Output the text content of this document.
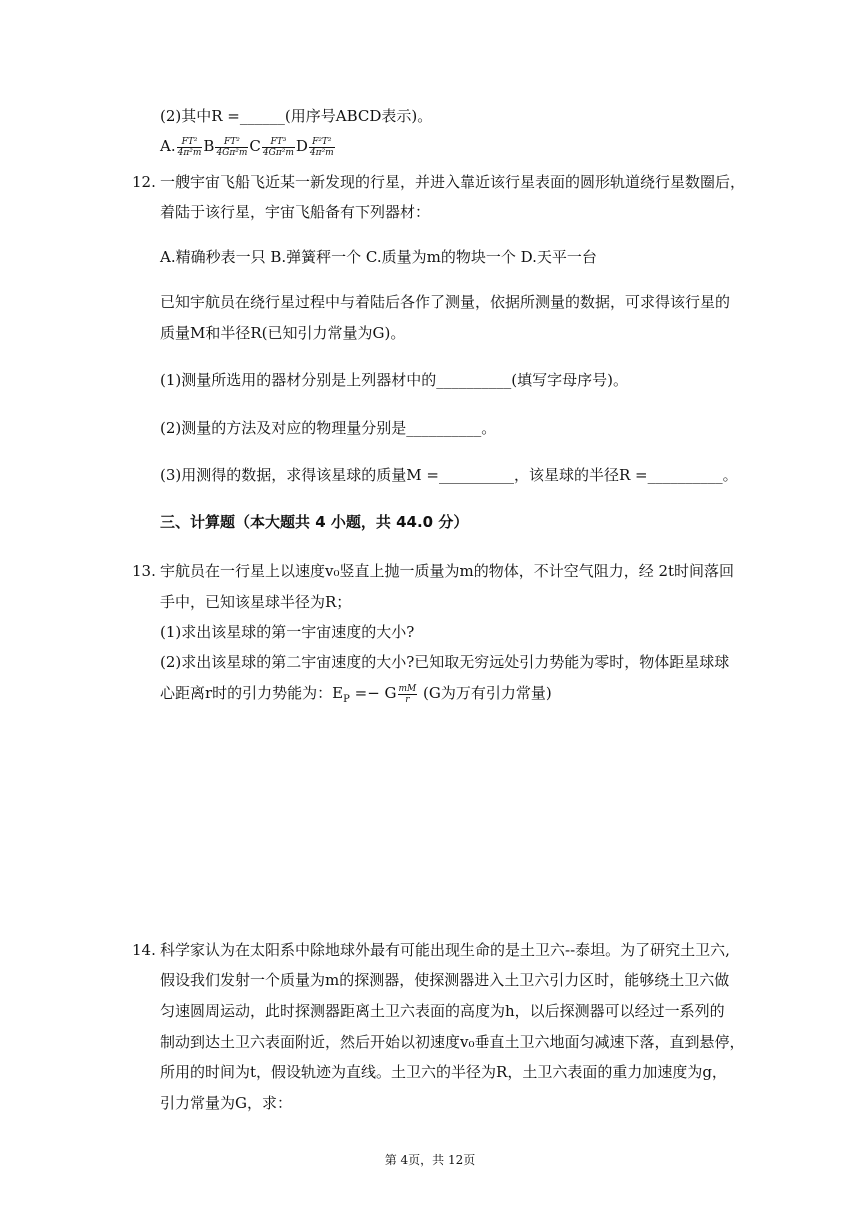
(2)其中R =______(用序号ABCD表示)。
A. $\frac{\text{FT²}}{\text{4π²m}}$ B $\frac{\text{FT²}}{\text{4Gπ²m}}$ C $\frac{\text{FT³}}{\text{4Gπ²m}}$ D $\frac{\text{F²T²}}{\text{4π²m}}$
12. 一艘宇宙飞船飞近某一新发现的行星，并进入靠近该行星表面的圆形轨道绕行星数圈后，
着陆于该行星，宇宙飞船备有下列器材：
A.精确秒表一只 B.弹簧秤一个 C.质量为m的物块一个 D.天平一台
已知宇航员在绕行星过程中与着陆后各作了测量，依据所测量的数据，可求得该行星的
质量M和半径R(已知引力常量为G)。
(1)测量所选用的器材分别是上列器材中的__________(填写字母序号)。
(2)测量的方法及对应的物理量分别是__________。
(3)用测得的数据，求得该星球的质量M =__________，该星球的半径R =__________。
三、计算题（本大题共 4 小题，共 44.0 分）
13. 宇航员在一行星上以速度v₀竖直上抛一质量为m的物体，不计空气阻力，经 2t时间落回
手中，已知该星球半径为R；
(1)求出该星球的第一宇宙速度的大小?
(2)求出该星球的第二宇宙速度的大小?已知取无穷远处引力势能为零时，物体距星球球
心距离r时的引力势能为：$E_P =- G \frac{mM}{r} (G$为万有引力常量)
14. 科学家认为在太阳系中除地球外最有可能出现生命的是土卫六--泰坦。为了研究土卫六,
假设我们发射一个质量为m的探测器，使探测器进入土卫六引力区时，能够绕土卫六做
匀速圆周运动，此时探测器距离土卫六表面的高度为h，以后探测器可以经过一系列的
制动到达土卫六表面附近，然后开始以初速度v₀垂直土卫六地面匀减速下落，直到悬停，
所用的时间为t，假设轨迹为直线。土卫六的半径为R，土卫六表面的重力加速度为g，
引力常量为G，求：
第 4页，共 12页
